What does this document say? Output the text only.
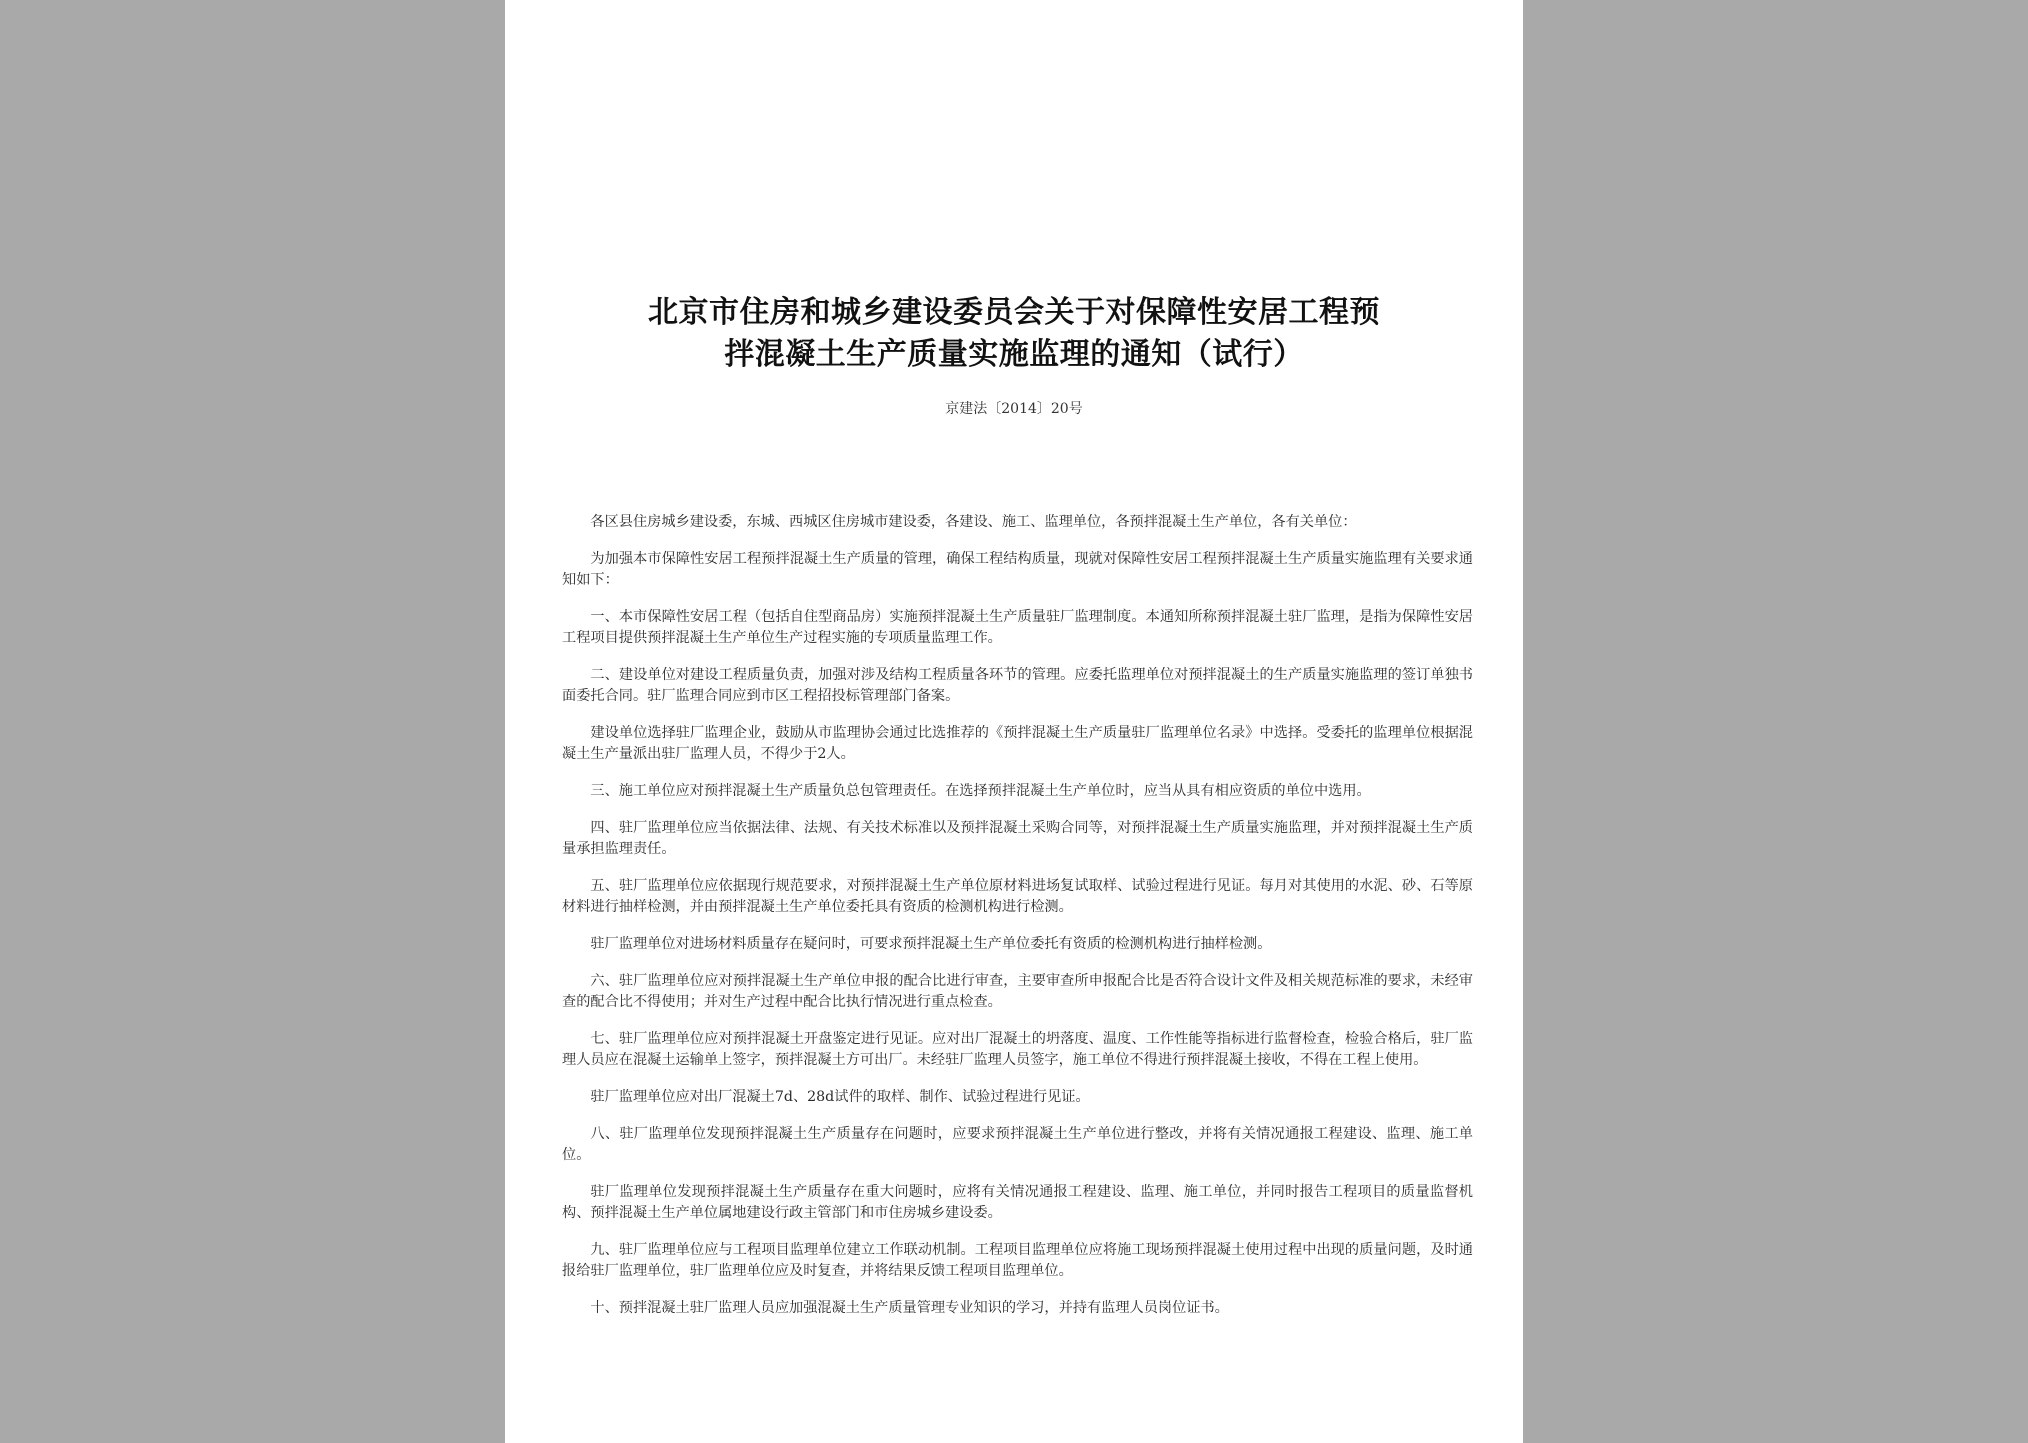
北京市住房和城乡建设委员会关于对保障性安居工程预
拌混凝土生产质量实施监理的通知（试行）
京建法〔2014〕20号

各区县住房城乡建设委，东城、西城区住房城市建设委，各建设、施工、监理单位，各预拌混凝土生产单位，各有关单位：

为加强本市保障性安居工程预拌混凝土生产质量的管理，确保工程结构质量，现就对保障性安居工程预拌混凝土生产质量实施监理有关要求通知如下：

一、本市保障性安居工程（包括自住型商品房）实施预拌混凝土生产质量驻厂监理制度。本通知所称预拌混凝土驻厂监理，是指为保障性安居工程项目提供预拌混凝土生产单位生产过程实施的专项质量监理工作。

二、建设单位对建设工程质量负责，加强对涉及结构工程质量各环节的管理。应委托监理单位对预拌混凝土的生产质量实施监理的签订单独书面委托合同。驻厂监理合同应到市区工程招投标管理部门备案。

建设单位选择驻厂监理企业，鼓励从市监理协会通过比选推荐的《预拌混凝土生产质量驻厂监理单位名录》中选择。受委托的监理单位根据混凝土生产量派出驻厂监理人员，不得少于2人。

三、施工单位应对预拌混凝土生产质量负总包管理责任。在选择预拌混凝土生产单位时，应当从具有相应资质的单位中选用。

四、驻厂监理单位应当依据法律、法规、有关技术标准以及预拌混凝土采购合同等，对预拌混凝土生产质量实施监理，并对预拌混凝土生产质量承担监理责任。

五、驻厂监理单位应依据现行规范要求，对预拌混凝土生产单位原材料进场复试取样、试验过程进行见证。每月对其使用的水泥、砂、石等原材料进行抽样检测，并由预拌混凝土生产单位委托具有资质的检测机构进行检测。

驻厂监理单位对进场材料质量存在疑问时，可要求预拌混凝土生产单位委托有资质的检测机构进行抽样检测。

六、驻厂监理单位应对预拌混凝土生产单位申报的配合比进行审查，主要审查所申报配合比是否符合设计文件及相关规范标准的要求，未经审查的配合比不得使用；并对生产过程中配合比执行情况进行重点检查。

七、驻厂监理单位应对预拌混凝土开盘鉴定进行见证。应对出厂混凝土的坍落度、温度、工作性能等指标进行监督检查，检验合格后，驻厂监理人员应在混凝土运输单上签字，预拌混凝土方可出厂。未经驻厂监理人员签字，施工单位不得进行预拌混凝土接收，不得在工程上使用。

驻厂监理单位应对出厂混凝土7d、28d试件的取样、制作、试验过程进行见证。

八、驻厂监理单位发现预拌混凝土生产质量存在问题时，应要求预拌混凝土生产单位进行整改，并将有关情况通报工程建设、监理、施工单位。

驻厂监理单位发现预拌混凝土生产质量存在重大问题时，应将有关情况通报工程建设、监理、施工单位，并同时报告工程项目的质量监督机构、预拌混凝土生产单位属地建设行政主管部门和市住房城乡建设委。

九、驻厂监理单位应与工程项目监理单位建立工作联动机制。工程项目监理单位应将施工现场预拌混凝土使用过程中出现的质量问题，及时通报给驻厂监理单位，驻厂监理单位应及时复查，并将结果反馈工程项目监理单位。

十、预拌混凝土驻厂监理人员应加强混凝土生产质量管理专业知识的学习，并持有监理人员岗位证书。
